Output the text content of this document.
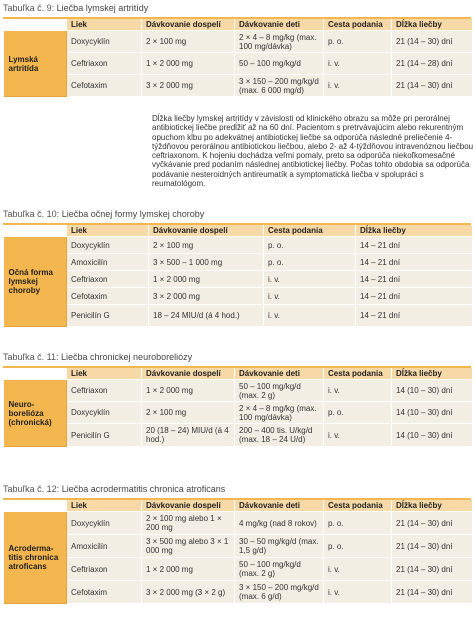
Tabuľka č. 9: Liečba lymskej artritídy
	Liek	Dávkovanie dospelí	Dávkovanie deti	Cesta podania	Dĺžka liečby
Lymská artritída	Doxycyklín	2 × 100 mg	2 × 4 – 8 mg/kg (max. 100 mg/dávka)	p. o.	21 (14 – 30) dní
	Ceftriaxon	1 × 2 000 mg	50 – 100 mg/kg/d	i. v.	21 (14 – 28) dní
	Cefotaxim	3 × 2 000 mg	3 × 150 – 200 mg/kg/d (max. 6 000 mg/d)	i. v.	21 (14 – 30) dní

Dĺžka liečby lymskej artritídy v závislosti od klinického obrazu sa môže pri perorálnej antibiotickej liečbe predĺžiť až na 60 dní. Pacientom s pretrvávajúcim alebo rekurentným opuchom kĺbu po adekvátnej antibiotickej liečbe sa odporúča následné preliečenie 4-týždňovou perorálnou antibiotickou liečbou, alebo 2- až 4-týždňovou intravenóznou liečbou ceftriaxonom. K hojeniu dochádza veľmi pomaly, preto sa odporúča niekoľkomesačné vyčkávanie pred podaním následnej antibiotickej liečby. Počas tohto obdobia sa odporúča podávanie nesteroidných antireumatík a symptomatická liečba v spolupráci s reumatológom.

Tabuľka č. 10: Liečba očnej formy lymskej choroby
	Liek	Dávkovanie dospelí	Cesta podania	Dĺžka liečby
Očná forma lymskej choroby	Doxycyklín	2 × 100 mg	p. o.	14 – 21 dní
	Amoxicilín	3 × 500 – 1 000 mg	p. o.	14 – 21 dní
	Ceftriaxon	1 × 2 000 mg	i. v.	14 – 21 dní
	Cefotaxim	3 × 2 000 mg	i. v.	14 – 21 dní
	Penicilín G	18 – 24 MIU/d (á 4 hod.)	i. v.	14 – 21 dní
Tabuľka č. 11: Liečba chronickej neuroboreliózy
	Liek	Dávkovanie dospelí	Dávkovanie deti	Cesta podania	Dĺžka liečby
Neuro-boreliózа (chronická)	Ceftriaxon	1 × 2 000 mg	50 – 100 mg/kg/d (max. 2 g)	i. v.	14 (10 – 30) dní
	Doxycyklín	2 × 100 mg	2 × 4 – 8 mg/kg (max. 100 mg/dávka)	p. o.	14 (10 – 30) dní
	Penicilín G	20 (18 – 24) MIU/d (á 4 hod.)	200 – 400 tis. U/kg/d (max. 18 – 24 U/d)	i. v.	14 (10 – 30) dní
Tabuľka č. 12: Liečba acrodermatitis chronica atroficans
	Liek	Dávkovanie dospelí	Dávkovanie deti	Cesta podania	Dĺžka liečby
Acroderma-titis chronica atroficans	Doxycyklín	2 × 100 mg alebo 1 × 200 mg	4 mg/kg (nad 8 rokov)	p. o.	21 (14 – 30) dní
	Amoxicilín	3 × 500 mg alebo 3 × 1 000 mg	30 – 50 mg/kg/d (max. 1,5 g/d)	p. o.	21 (14 – 30) dní
	Ceftriaxon	1 × 2 000 mg	50 – 100 mg/kg/d (max. 2 g)	i. v.	21 (14 – 30) dní
	Cefotaxim	3 × 2 000 mg (3 × 2 g)	3 × 150 – 200 mg/kg/d (max. 6 g/d)	i. v.	21 (14 – 30) dní
